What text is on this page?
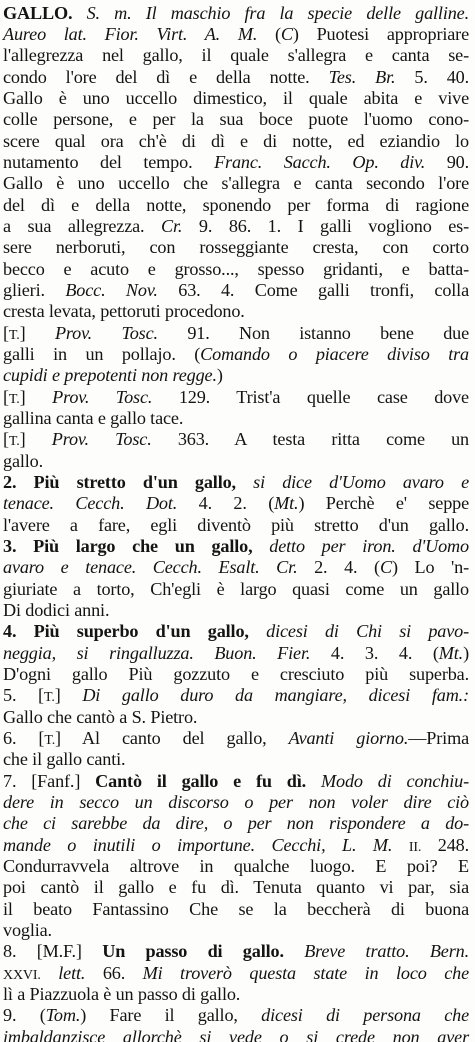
GALLO. S. m. Il maschio fra la specie delle galline.
Aureo lat. Fior. Virt. A. M. (C) Puotesi appropriare
l'allegrezza nel gallo, il quale s'allegra e canta se-
condo l'ore del dì e della notte. Tes. Br. 5. 40.
Gallo è uno uccello dimestico, il quale abita e vive
colle persone, e per la sua boce puote l'uomo cono-
scere qual ora ch'è di dì e di notte, ed eziandio lo
nutamento del tempo. Franc. Sacch. Op. div. 90.
Gallo è uno uccello che s'allegra e canta secondo l'ore
del dì e della notte, sponendo per forma di ragione
a sua allegrezza. Cr. 9. 86. 1. I galli vogliono es-
sere nerboruti, con rosseggiante cresta, con corto
becco e acuto e grosso..., spesso gridanti, e batta-
glieri. Bocc. Nov. 63. 4. Come galli tronfi, colla
cresta levata, pettoruti procedono.
[T.] Prov. Tosc. 91. Non istanno bene due
galli in un pollajo. (Comando o piacere diviso tra
cupidi e prepotenti non regge.)
[T.] Prov. Tosc. 129. Trist'a quelle case dove
gallina canta e gallo tace.
[T.] Prov. Tosc. 363. A testa ritta come un
gallo.
2. Più stretto d'un gallo, si dice d'Uomo avaro e
tenace. Cecch. Dot. 4. 2. (Mt.) Perchè e' seppe
l'avere a fare, egli diventò più stretto d'un gallo.
3. Più largo che un gallo, detto per iron. d'Uomo
avaro e tenace. Cecch. Esalt. Cr. 2. 4. (C) Lo 'n-
giuriate a torto, Ch'egli è largo quasi come un gallo
Di dodici anni.
4. Più superbo d'un gallo, dicesi di Chi si pavo-
neggia, si ringalluzza. Buon. Fier. 4. 3. 4. (Mt.)
D'ogni gallo Più gozzuto e cresciuto più superba.
5. [T.] Di gallo duro da mangiare, dicesi fam.:
Gallo che cantò a S. Pietro.
6. [T.] Al canto del gallo, Avanti giorno.—Prima
che il gallo canti.
7. [Fanf.] Cantò il gallo e fu dì. Modo di conchiu-
dere in secco un discorso o per non voler dire ciò
che ci sarebbe da dire, o per non rispondere a do-
mande o inutili o importune. Cecchi, L. M. II. 248.
Condurravvela altrove in qualche luogo. E poi? E
poi cantò il gallo e fu dì. Tenuta quanto vi par, sia
il beato Fantassino Che se la beccherà di buona
voglia.
8. [M.F.] Un passo di gallo. Breve tratto. Bern.
XXVI. lett. 66. Mi troverò questa state in loco che
lì a Piazzuola è un passo di gallo.
9. (Tom.) Fare il gallo, dicesi di persona che
imbaldanzisce allorchè si vede o si crede non aver
